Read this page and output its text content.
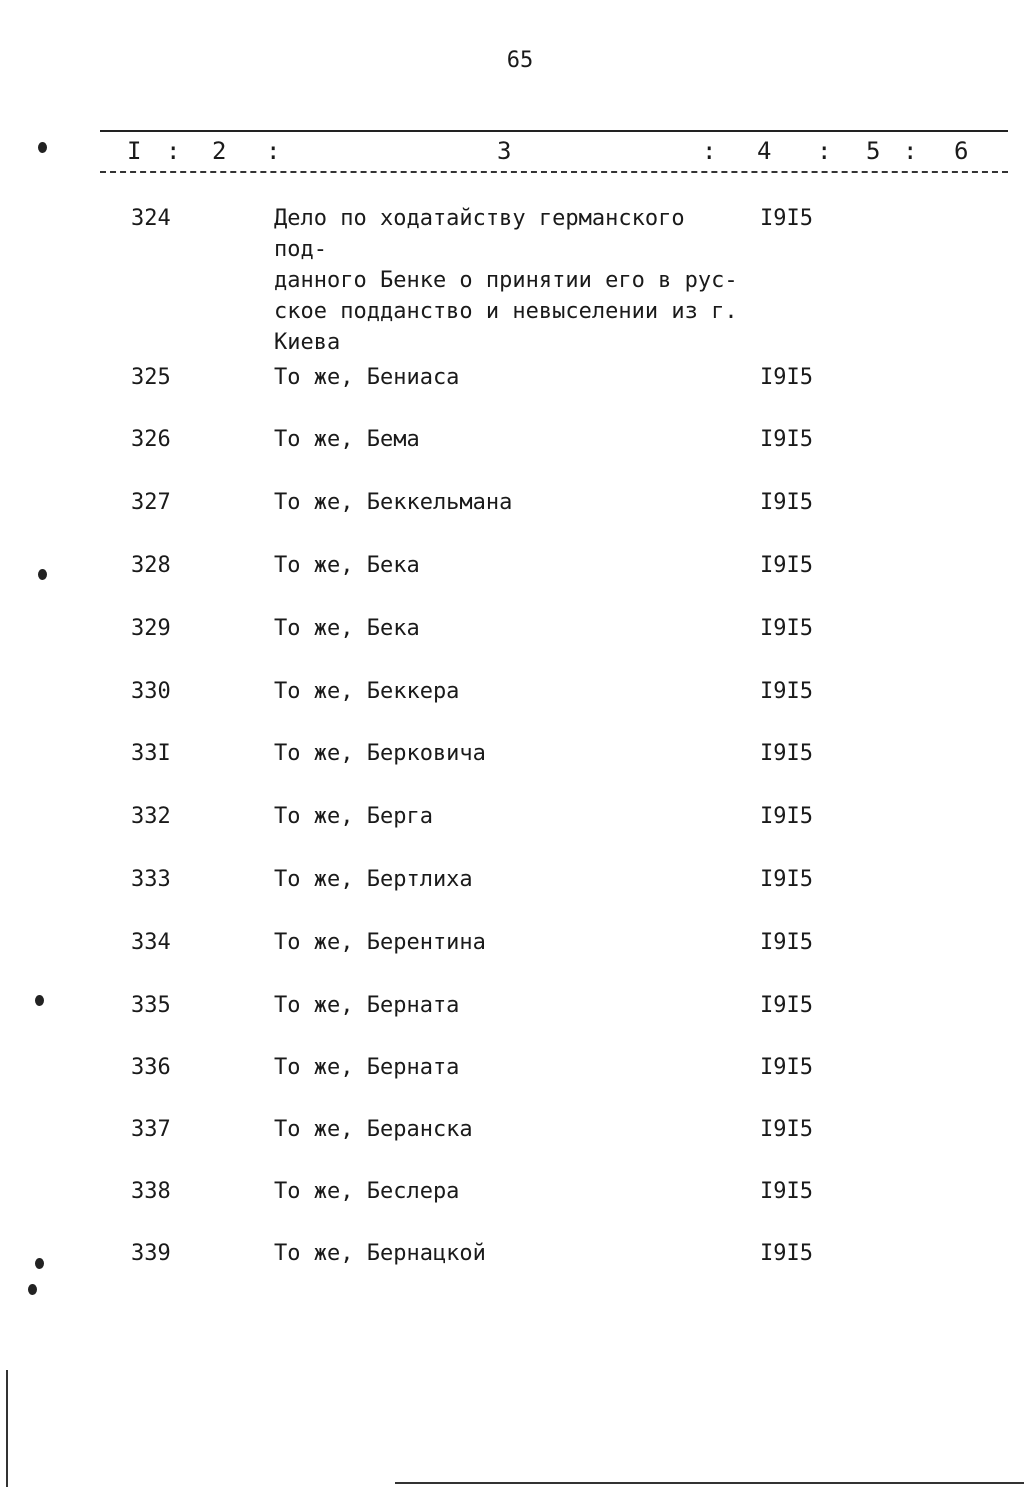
65
I : 2 :	3	: 4 : 5 : 6
324	Дело по ходатайству германского под-
данного Бенке о принятии его в рус-
ское подданство и невыселении из г.
Киева
I9I5
325	То же, Бениаса	I9I5
326	То же, Бема	I9I5
327	То же, Беккельмана	I9I5
328	То же, Бека	I9I5
329	То же, Бека	I9I5
330	То же, Беккера	I9I5
33I	То же, Берковича	I9I5
332	То же, Берга	I9I5
333	То же, Бертлиха	I9I5
334	То же, Берентина	I9I5
335	То же, Берната	I9I5
336	То же, Берната	I9I5
337	То же, Беранска	I9I5
338	То же, Беслера	I9I5
339	То же, Бернацкой	I9I5
